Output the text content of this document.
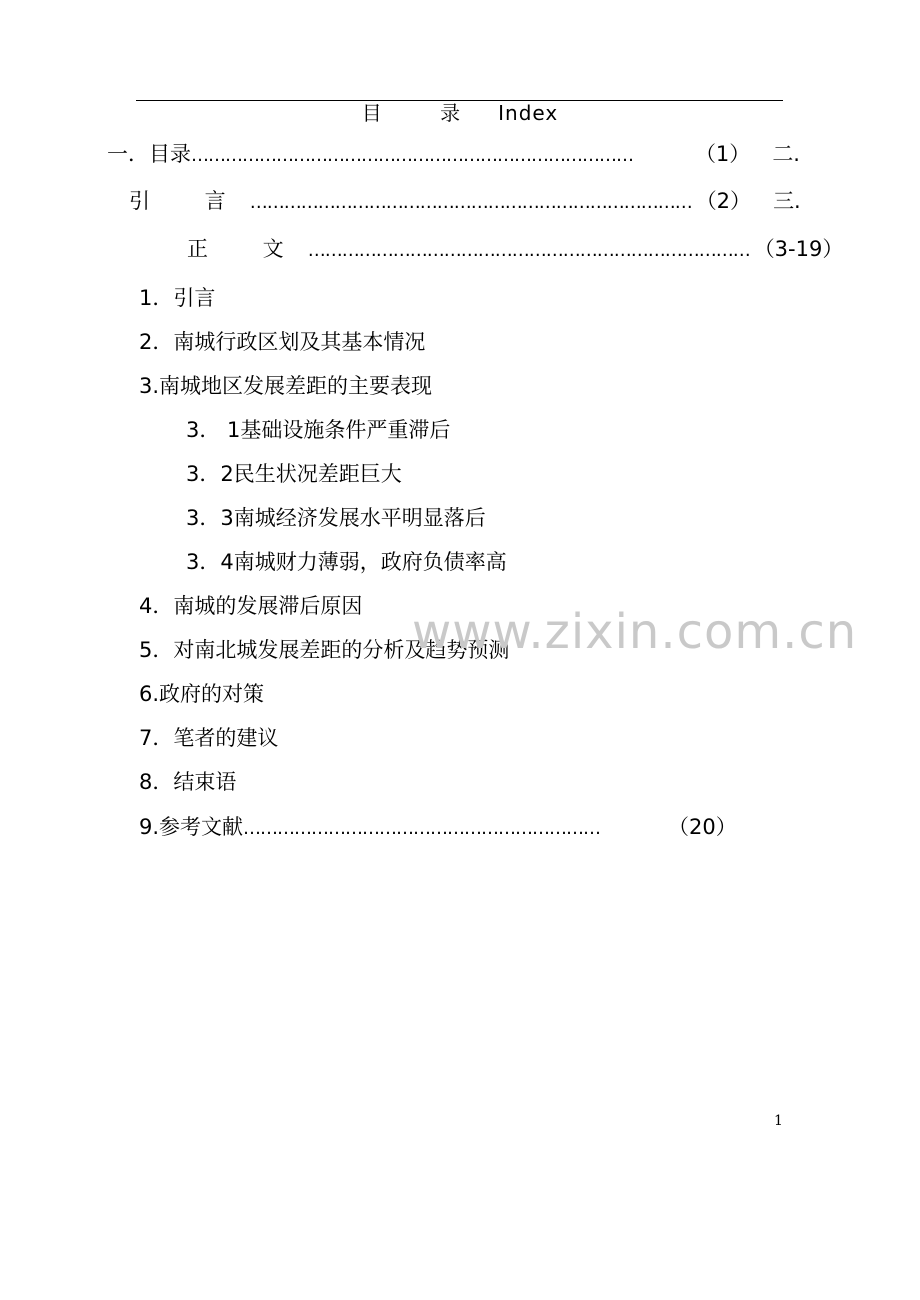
目 录 Index
一．目录 ……………………………………………………………………	（1） 二.
引 言 …………………………………………………………………… （2） 三.
正 文 …………………………………………………………………… （3-19）
1．引言
2．南城行政区划及其基本情况
3.南城地区发展差距的主要表现
3． 1基础设施条件严重滞后
3．2民生状况差距巨大
3．3南城经济发展水平明显落后
3．4南城财力薄弱，政府负债率高
4．南城的发展滞后原因
5．对南北城发展差距的分析及趋势预测
6.政府的对策
7．笔者的建议
8．结束语
9.参考文献 ………………………………………………………	（20）
www.zixin.com.cn
1
